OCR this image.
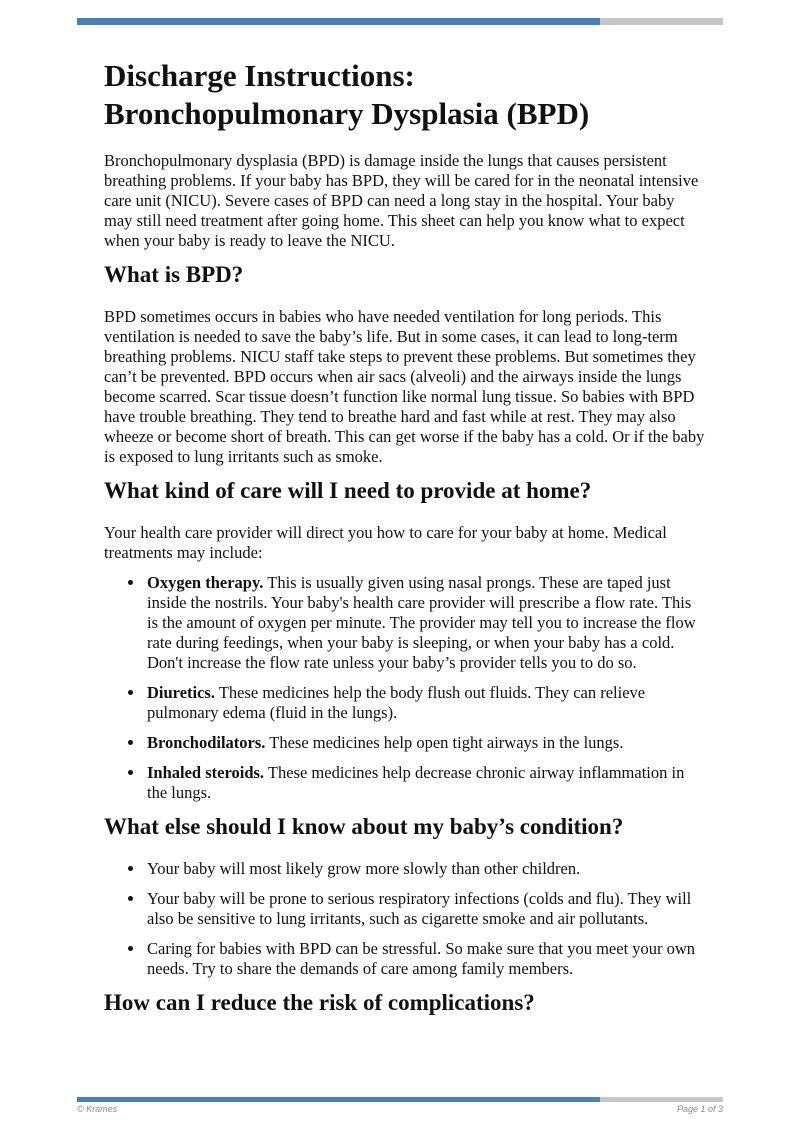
Discharge Instructions:
Bronchopulmonary Dysplasia (BPD)

Bronchopulmonary dysplasia (BPD) is damage inside the lungs that causes persistent breathing problems. If your baby has BPD, they will be cared for in the neonatal intensive care unit (NICU). Severe cases of BPD can need a long stay in the hospital. Your baby may still need treatment after going home. This sheet can help you know what to expect when your baby is ready to leave the NICU.

What is BPD?

BPD sometimes occurs in babies who have needed ventilation for long periods. This ventilation is needed to save the baby’s life. But in some cases, it can lead to long-term breathing problems. NICU staff take steps to prevent these problems. But sometimes they can’t be prevented. BPD occurs when air sacs (alveoli) and the airways inside the lungs become scarred. Scar tissue doesn’t function like normal lung tissue. So babies with BPD have trouble breathing. They tend to breathe hard and fast while at rest. They may also wheeze or become short of breath. This can get worse if the baby has a cold. Or if the baby is exposed to lung irritants such as smoke.

What kind of care will I need to provide at home?

Your health care provider will direct you how to care for your baby at home. Medical treatments may include:

• Oxygen therapy. This is usually given using nasal prongs. These are taped just inside the nostrils. Your baby's health care provider will prescribe a flow rate. This is the amount of oxygen per minute. The provider may tell you to increase the flow rate during feedings, when your baby is sleeping, or when your baby has a cold. Don't increase the flow rate unless your baby’s provider tells you to do so.
• Diuretics. These medicines help the body flush out fluids. They can relieve pulmonary edema (fluid in the lungs).
• Bronchodilators. These medicines help open tight airways in the lungs.
• Inhaled steroids. These medicines help decrease chronic airway inflammation in the lungs.
What else should I know about my baby’s condition?
• Your baby will most likely grow more slowly than other children.
• Your baby will be prone to serious respiratory infections (colds and flu). They will also be sensitive to lung irritants, such as cigarette smoke and air pollutants.
• Caring for babies with BPD can be stressful. So make sure that you meet your own needs. Try to share the demands of care among family members.
How can I reduce the risk of complications?
© Krames	Page 1 of 3
